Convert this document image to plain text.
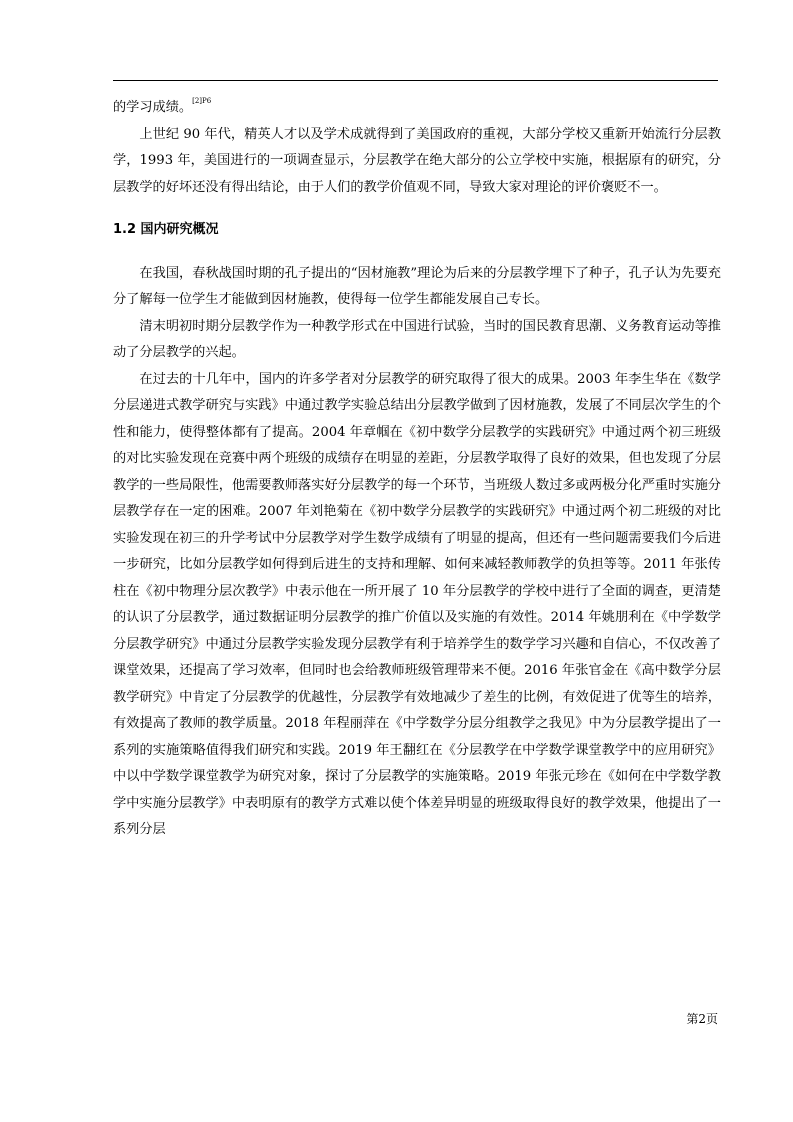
的学习成绩。$^{[2]P6}$

上世纪 90 年代，精英人才以及学术成就得到了美国政府的重视，大部分学校又重新开始流行分层教学，1993 年，美国进行的一项调查显示，分层教学在绝大部分的公立学校中实施，根据原有的研究，分层教学的好坏还没有得出结论，由于人们的教学价值观不同，导致大家对理论的评价褒贬不一。

1.2 国内研究概况

在我国，春秋战国时期的孔子提出的“因材施教”理论为后来的分层教学埋下了种子，孔子认为先要充分了解每一位学生才能做到因材施教，使得每一位学生都能发展自己专长。

清末明初时期分层教学作为一种教学形式在中国进行试验，当时的国民教育思潮、义务教育运动等推动了分层教学的兴起。

在过去的十几年中，国内的许多学者对分层教学的研究取得了很大的成果。2003 年李生华在《数学分层递进式教学研究与实践》中通过教学实验总结出分层教学做到了因材施教，发展了不同层次学生的个性和能力，使得整体都有了提高。2004 年章帼在《初中数学分层教学的实践研究》中通过两个初三班级的对比实验发现在竞赛中两个班级的成绩存在明显的差距，分层教学取得了良好的效果，但也发现了分层教学的一些局限性，他需要教师落实好分层教学的每一个环节，当班级人数过多或两极分化严重时实施分层教学存在一定的困难。2007 年刘艳菊在《初中数学分层教学的实践研究》中通过两个初二班级的对比实验发现在初三的升学考试中分层教学对学生数学成绩有了明显的提高，但还有一些问题需要我们今后进一步研究，比如分层教学如何得到后进生的支持和理解、如何来减轻教师教学的负担等等。2011 年张传柱在《初中物理分层次教学》中表示他在一所开展了 10 年分层教学的学校中进行了全面的调查，更清楚的认识了分层教学，通过数据证明分层教学的推广价值以及实施的有效性。2014 年姚朋利在《中学数学分层教学研究》中通过分层教学实验发现分层教学有利于培养学生的数学学习兴趣和自信心，不仅改善了课堂效果，还提高了学习效率，但同时也会给教师班级管理带来不便。2016 年张官金在《高中数学分层教学研究》中肯定了分层教学的优越性，分层教学有效地减少了差生的比例，有效促进了优等生的培养，有效提高了教师的教学质量。2018 年程丽萍在《中学数学分层分组教学之我见》中为分层教学提出了一系列的实施策略值得我们研究和实践。2019 年王翻红在《分层教学在中学数学课堂教学中的应用研究》中以中学数学课堂教学为研究对象，探讨了分层教学的实施策略。2019 年张元珍在《如何在中学数学教学中实施分层教学》中表明原有的教学方式难以使个体差异明显的班级取得良好的教学效果，他提出了一系列分层

第2页
